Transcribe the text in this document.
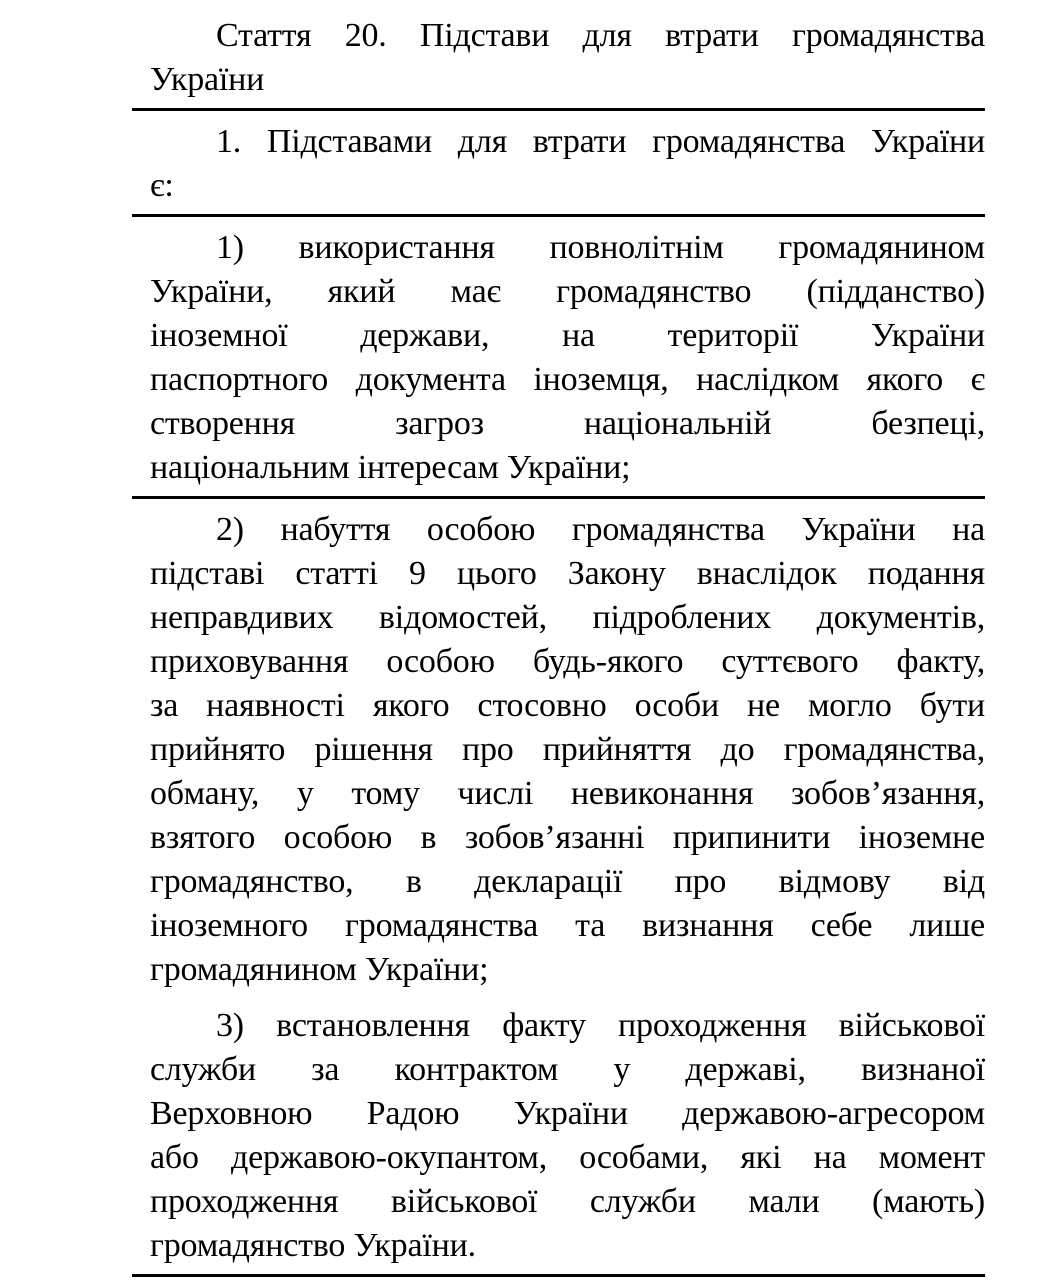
Стаття 20. Підстави для втрати громадянства
України
1. Підставами для втрати громадянства України
є:
1) використання повнолітнім громадянином
України, який має громадянство (підданство)
іноземної держави, на території України
паспортного документа іноземця, наслідком якого є
створення загроз національній безпеці,
національним інтересам України;
2) набуття особою громадянства України на
підставі статті 9 цього Закону внаслідок подання
неправдивих відомостей, підроблених документів,
приховування особою будь-якого суттєвого факту,
за наявності якого стосовно особи не могло бути
прийнято рішення про прийняття до громадянства,
обману, у тому числі невиконання зобов’язання,
взятого особою в зобов’язанні припинити іноземне
громадянство, в декларації про відмову від
іноземного громадянства та визнання себе лише
громадянином України;
3) встановлення факту проходження військової
служби за контрактом у державі, визнаної
Верховною Радою України державою-агресором
або державою-окупантом, особами, які на момент
проходження військової служби мали (мають)
громадянство України.
